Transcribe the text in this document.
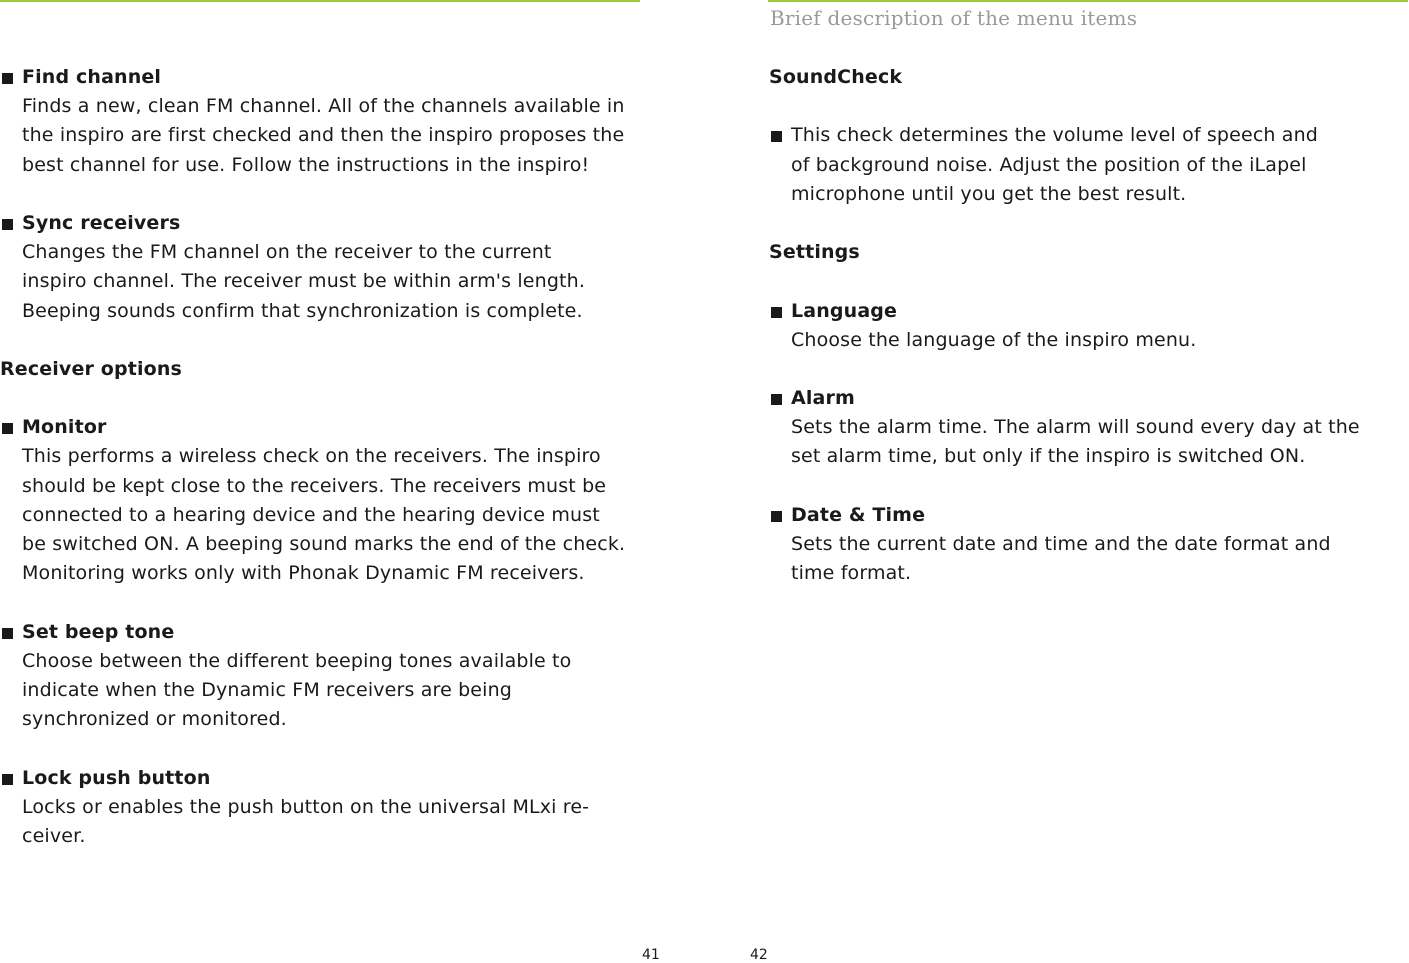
Brief description of the menu items
Find channel
Finds a new, clean FM channel. All of the channels available in
the inspiro are first checked and then the inspiro proposes the
best channel for use. Follow the instructions in the inspiro!
Sync receivers
Changes the FM channel on the receiver to the current
inspiro channel. The receiver must be within arm's length.
Beeping sounds confirm that synchronization is complete.
Receiver options
Monitor
This performs a wireless check on the receivers. The inspiro
should be kept close to the receivers. The receivers must be
connected to a hearing device and the hearing device must
be switched ON. A beeping sound marks the end of the check.
Monitoring works only with Phonak Dynamic FM receivers.
Set beep tone
Choose between the different beeping tones available to
indicate when the Dynamic FM receivers are being
synchronized or monitored.
Lock push button
Locks or enables the push button on the universal MLxi re-
ceiver.
SoundCheck
This check determines the volume level of speech and
of background noise. Adjust the position of the iLapel
microphone until you get the best result.
Settings
Language
Choose the language of the inspiro menu.
Alarm
Sets the alarm time. The alarm will sound every day at the
set alarm time, but only if the inspiro is switched ON.
Date & Time
Sets the current date and time and the date format and
time format.
41	42
